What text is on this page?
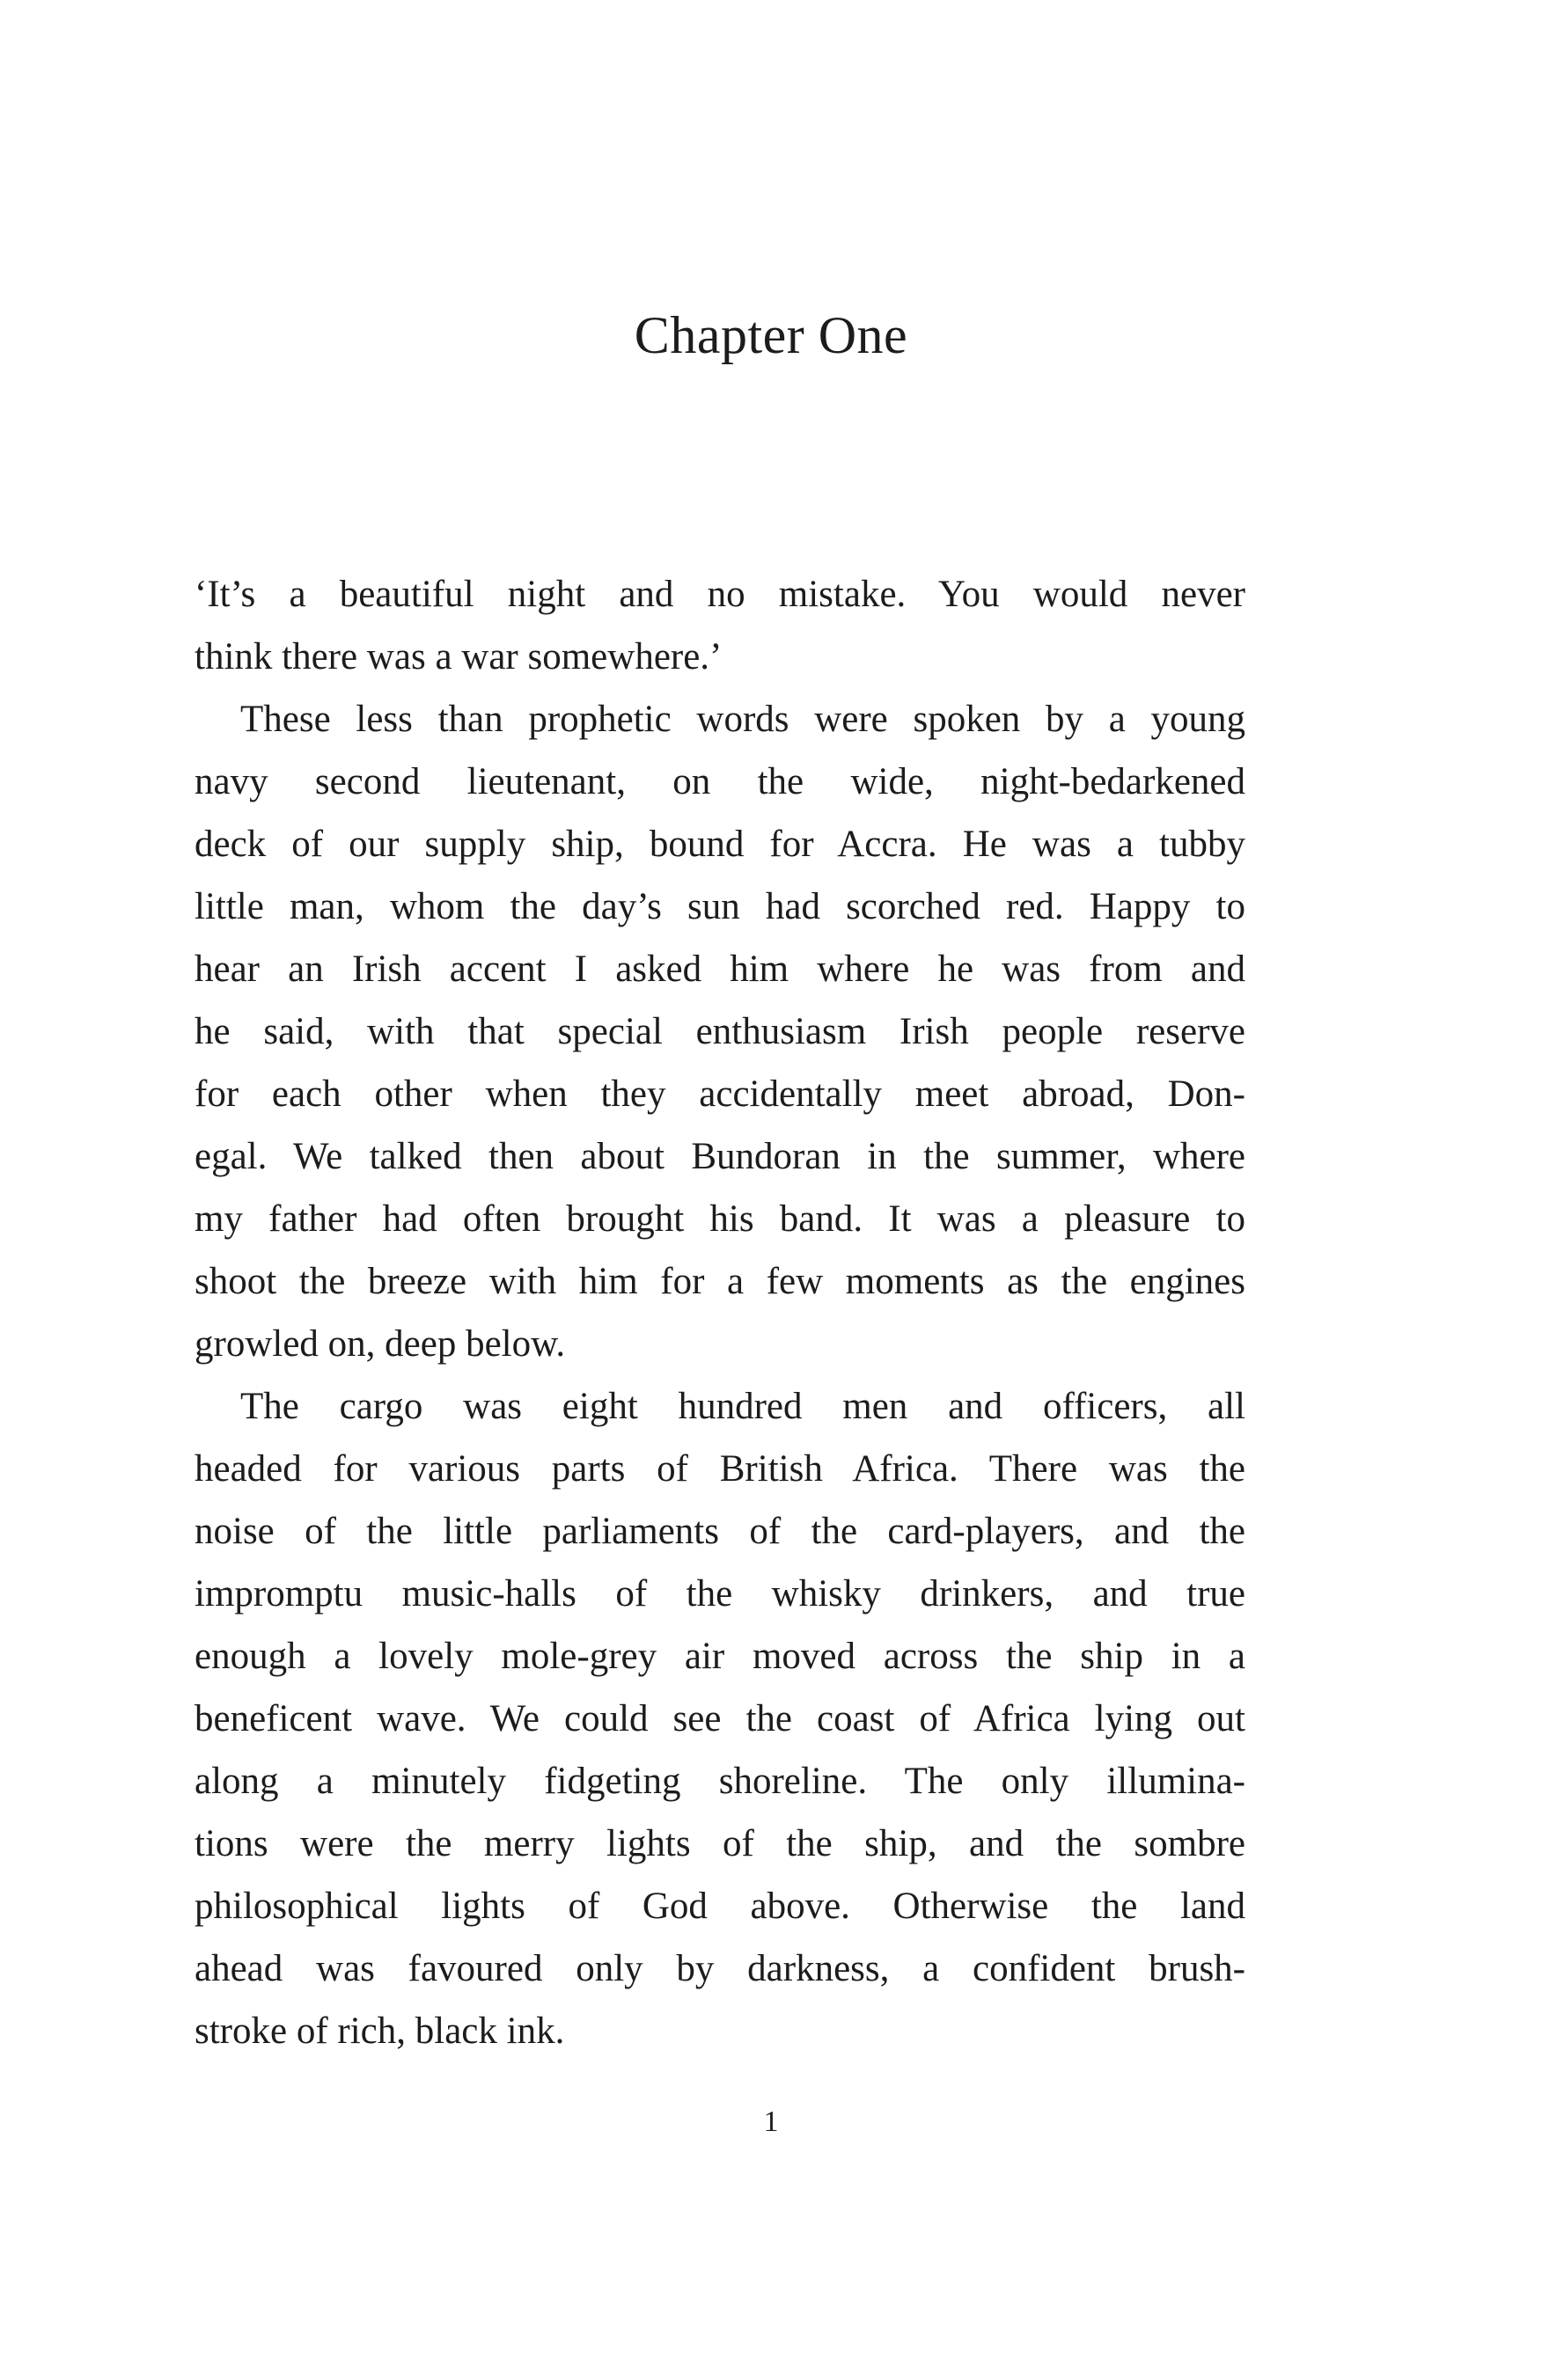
Chapter One
‘It’s a beautiful night and no mistake. You would never
think there was a war somewhere.’
These less than prophetic words were spoken by a young
navy second lieutenant, on the wide, night-bedarkened
deck of our supply ship, bound for Accra. He was a tubby
little man, whom the day’s sun had scorched red. Happy to
hear an Irish accent I asked him where he was from and
he said, with that special enthusiasm Irish people reserve
for each other when they accidentally meet abroad, Don-
egal. We talked then about Bundoran in the summer, where
my father had often brought his band. It was a pleasure to
shoot the breeze with him for a few moments as the engines
growled on, deep below.
The cargo was eight hundred men and officers, all
headed for various parts of British Africa. There was the
noise of the little parliaments of the card-players, and the
impromptu music-halls of the whisky drinkers, and true
enough a lovely mole-grey air moved across the ship in a
beneficent wave. We could see the coast of Africa lying out
along a minutely fidgeting shoreline. The only illumina-
tions were the merry lights of the ship, and the sombre
philosophical lights of God above. Otherwise the land
ahead was favoured only by darkness, a confident brush-
stroke of rich, black ink.
1
